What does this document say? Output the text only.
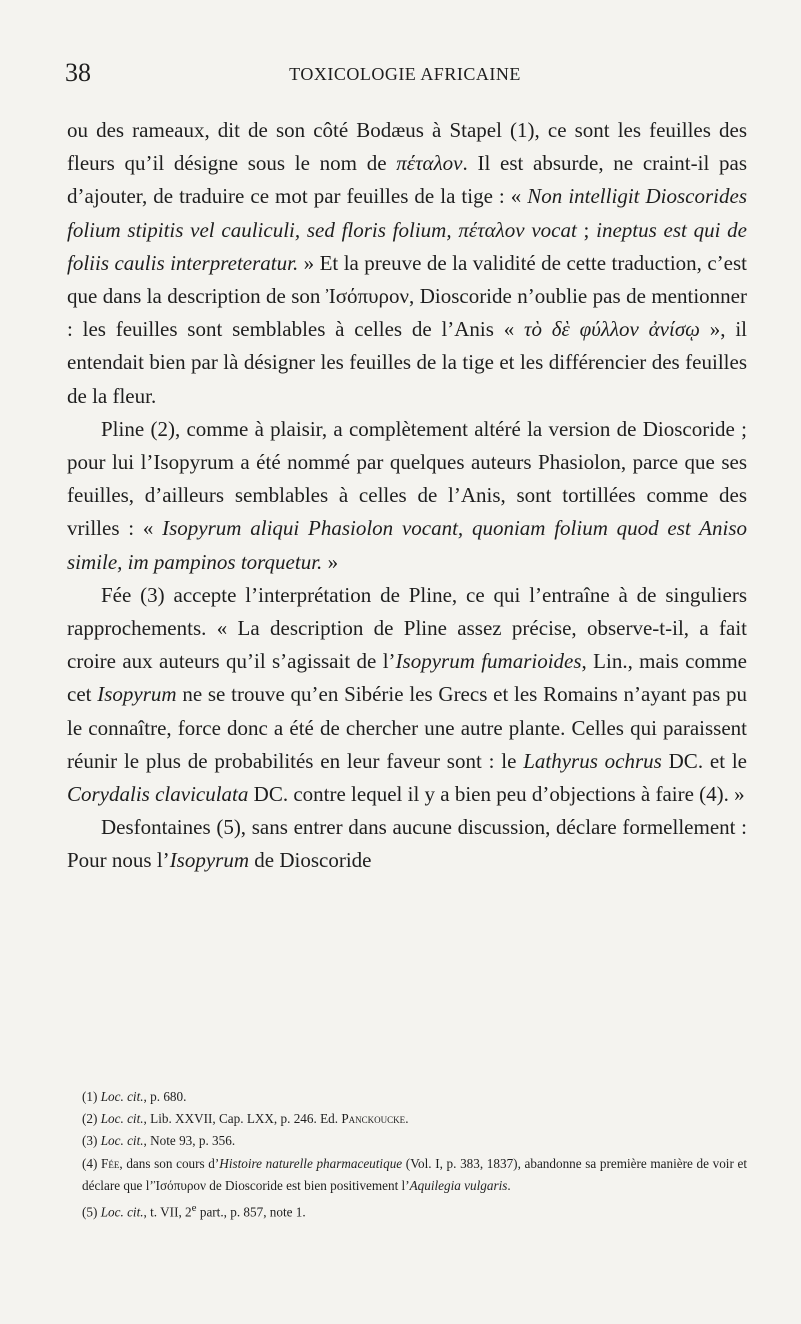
38	TOXICOLOGIE AFRICAINE

ou des rameaux, dit de son côté Bodæus à Stapel (1), ce sont les feuilles des fleurs qu’il désigne sous le nom de πέταλον. Il est absurde, ne craint-il pas d’ajouter, de traduire ce mot par feuilles de la tige : « Non intelligit Dioscorides folium stipitis vel cauliculi, sed floris folium, πέταλον vocat ; ineptus est qui de foliis caulis interpreteratur. » Et la preuve de la validité de cette traduction, c’est que dans la description de son Ἰσόπυρον, Dioscoride n’oublie pas de mentionner : les feuilles sont semblables à celles de l’Anis « τὸ δὲ φύλλον ἀνίσῳ », il entendait bien par là désigner les feuilles de la tige et les différencier des feuilles de la fleur.

Pline (2), comme à plaisir, a complètement altéré la version de Dioscoride ; pour lui l’Isopyrum a été nommé par quelques auteurs Phasiolon, parce que ses feuilles, d’ailleurs semblables à celles de l’Anis, sont tortillées comme des vrilles : « Isopyrum aliqui Phasiolon vocant, quoniam folium quod est Aniso simile, im pampinos torquetur. »

Fée (3) accepte l’interprétation de Pline, ce qui l’entraîne à de singuliers rapprochements. « La description de Pline assez précise, observe-t-il, a fait croire aux auteurs qu’il s’agissait de l’Isopyrum fumarioides, Lin., mais comme cet Isopyrum ne se trouve qu’en Sibérie les Grecs et les Romains n’ayant pas pu le connaître, force donc a été de chercher une autre plante. Celles qui paraissent réunir le plus de probabilités en leur faveur sont : le Lathyrus ochrus DC. et le Corydalis claviculata DC. contre lequel il y a bien peu d’objections à faire (4). »

Desfontaines (5), sans entrer dans aucune discussion, déclare formellement : Pour nous l’Isopyrum de Dioscoride

(1) Loc. cit., p. 680.
(2) Loc. cit., Lib. XXVII, Cap. LXX, p. 246. Ed. Panckoucke.
(3) Loc. cit., Note 93, p. 356.
(4) Fée, dans son cours d’Histoire naturelle pharmaceutique (Vol. I, p. 383, 1837), abandonne sa première manière de voir et déclare que l’Ἰσόπυρον de Dioscoride est bien positivement l’Aquilegia vulgaris.
(5) Loc. cit., t. VII, 2e part., p. 857, note 1.
